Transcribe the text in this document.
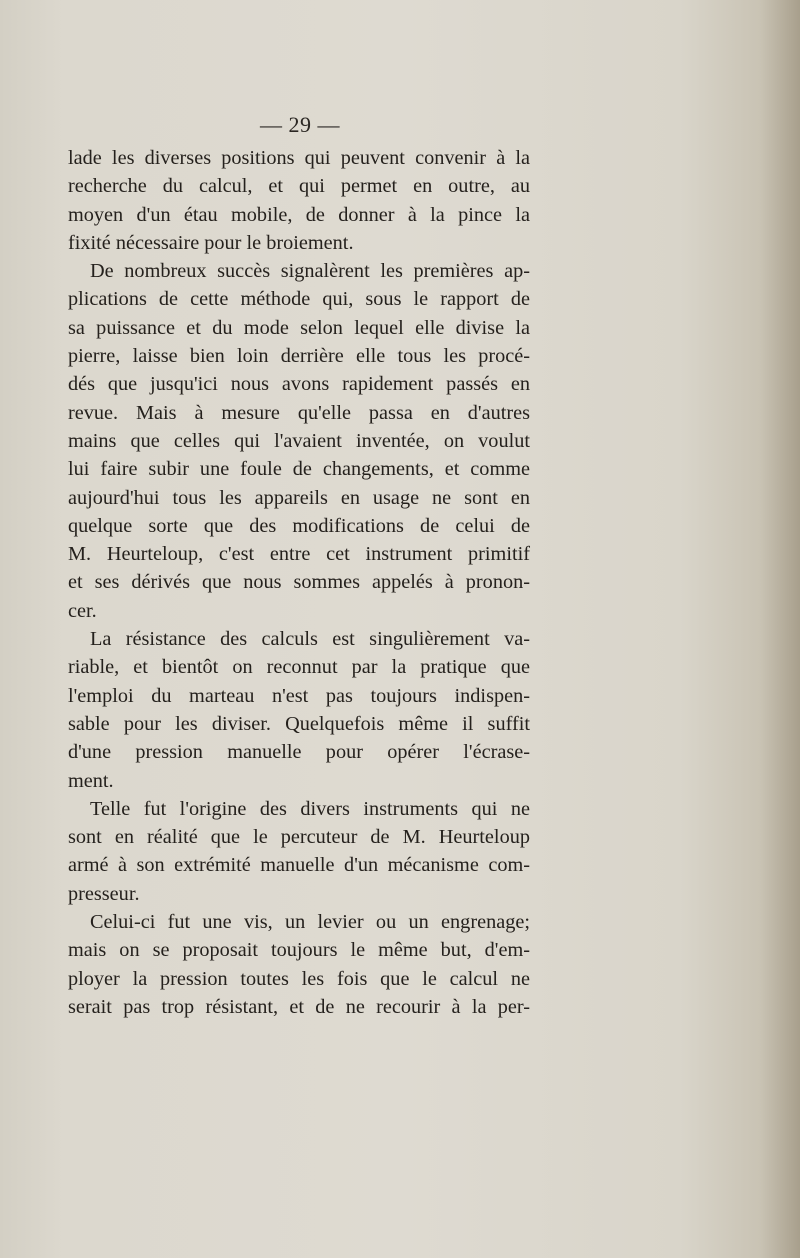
— 29 —
lade les diverses positions qui peuvent convenir à la
recherche du calcul, et qui permet en outre, au
moyen d'un étau mobile, de donner à la pince la
fixité nécessaire pour le broiement.
De nombreux succès signalèrent les premières ap-
plications de cette méthode qui, sous le rapport de
sa puissance et du mode selon lequel elle divise la
pierre, laisse bien loin derrière elle tous les procé-
dés que jusqu'ici nous avons rapidement passés en
revue. Mais à mesure qu'elle passa en d'autres
mains que celles qui l'avaient inventée, on voulut
lui faire subir une foule de changements, et comme
aujourd'hui tous les appareils en usage ne sont en
quelque sorte que des modifications de celui de
M. Heurteloup, c'est entre cet instrument primitif
et ses dérivés que nous sommes appelés à pronon-
cer.
La résistance des calculs est singulièrement va-
riable, et bientôt on reconnut par la pratique que
l'emploi du marteau n'est pas toujours indispen-
sable pour les diviser. Quelquefois même il suffit
d'une pression manuelle pour opérer l'écrase-
ment.
Telle fut l'origine des divers instruments qui ne
sont en réalité que le percuteur de M. Heurteloup
armé à son extrémité manuelle d'un mécanisme com-
presseur.
Celui-ci fut une vis, un levier ou un engrenage;
mais on se proposait toujours le même but, d'em-
ployer la pression toutes les fois que le calcul ne
serait pas trop résistant, et de ne recourir à la per-
